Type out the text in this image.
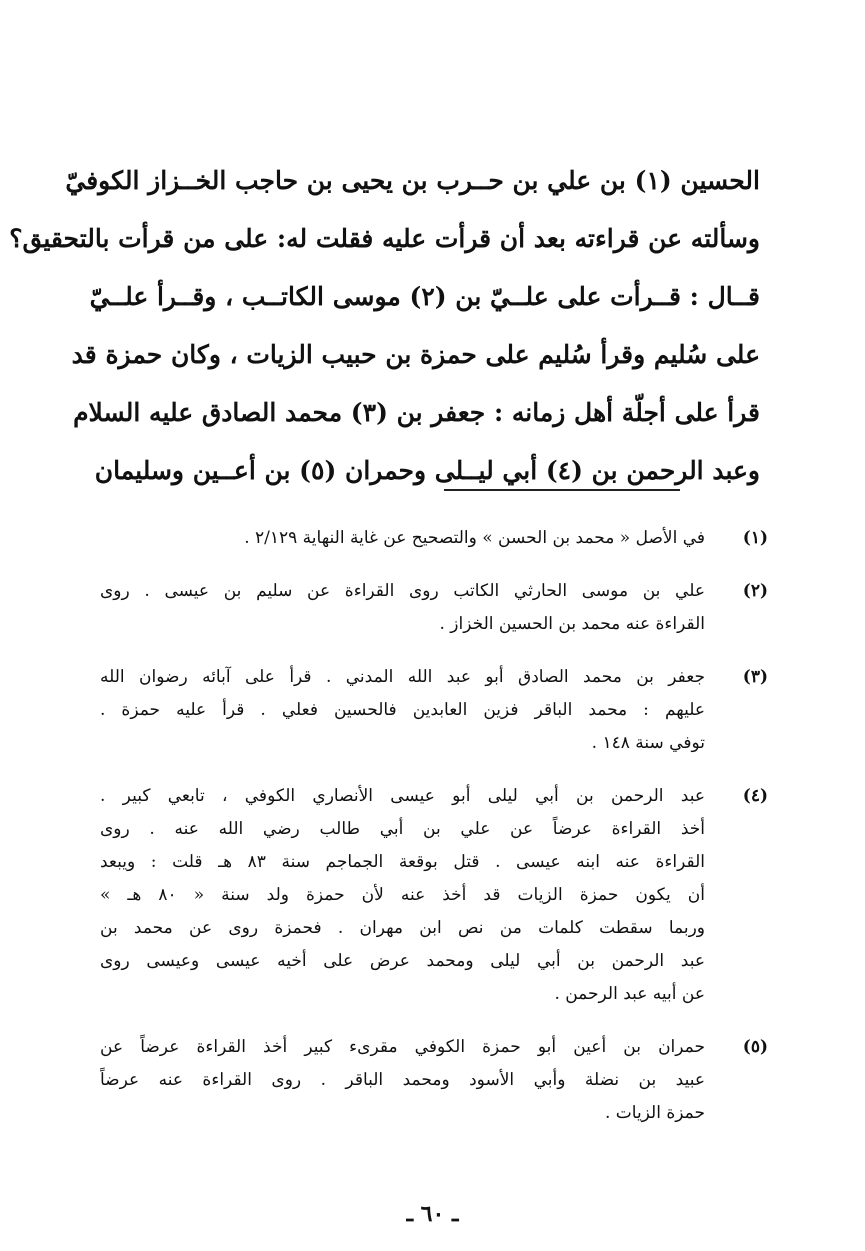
الحسين (١) بن علي بن حــرب بن يحيى بن حاجب الخــزاز الكوفيّ
وسألته عن قراءته بعد أن قرأت عليه فقلت له: على من قرأت بالتحقيق؟
قــال : قــرأت على علــيّ بن (٢) موسى الكاتــب ، وقــرأ علــيّ
على سُليم وقرأ سُليم على حمزة بن حبيب الزيات ، وكان حمزة قد
قرأ على أجلّة أهل زمانه : جعفر بن (٣) محمد الصادق عليه السلام
وعبد الرحمن بن (٤) أبي ليــلى وحمران (٥) بن أعــين وسليمان
(١)
في الأصل « محمد بن الحسن » والتصحيح عن غاية النهاية ٢/١٢٩ .
(٢)
علي بن موسى الحارثي الكاتب روى القراءة عن سليم بن عيسى . روى
القراءة عنه محمد بن الحسين الخزاز .
(٣)
جعفر بن محمد الصادق أبو عبد الله المدني . قرأ على آبائه رضوان الله
عليهم : محمد الباقر فزين العابدين فالحسين فعلي . قرأ عليه حمزة .
توفي سنة ١٤٨ .
(٤)
عبد الرحمن بن أبي ليلى أبو عيسى الأنصاري الكوفي ، تابعي كبير .
أخذ القراءة عرضاً عن علي بن أبي طالب رضي الله عنه . روى
القراءة عنه ابنه عيسى . قتل بوقعة الجماجم سنة ٨٣ هـ قلت : ويبعد
أن يكون حمزة الزيات قد أخذ عنه لأن حمزة ولد سنة « ٨٠ هـ »
وربما سقطت كلمات من نص ابن مهران . فحمزة روى عن محمد بن
عبد الرحمن بن أبي ليلى ومحمد عرض على أخيه عيسى وعيسى روى
عن أبيه عبد الرحمن .
(٥)
حمران بن أعين أبو حمزة الكوفي مقرىء كبير أخذ القراءة عرضاً عن
عبيد بن نضلة وأبي الأسود ومحمد الباقر . روى القراءة عنه عرضاً
حمزة الزيات .
ـ ٦٠ ـ
